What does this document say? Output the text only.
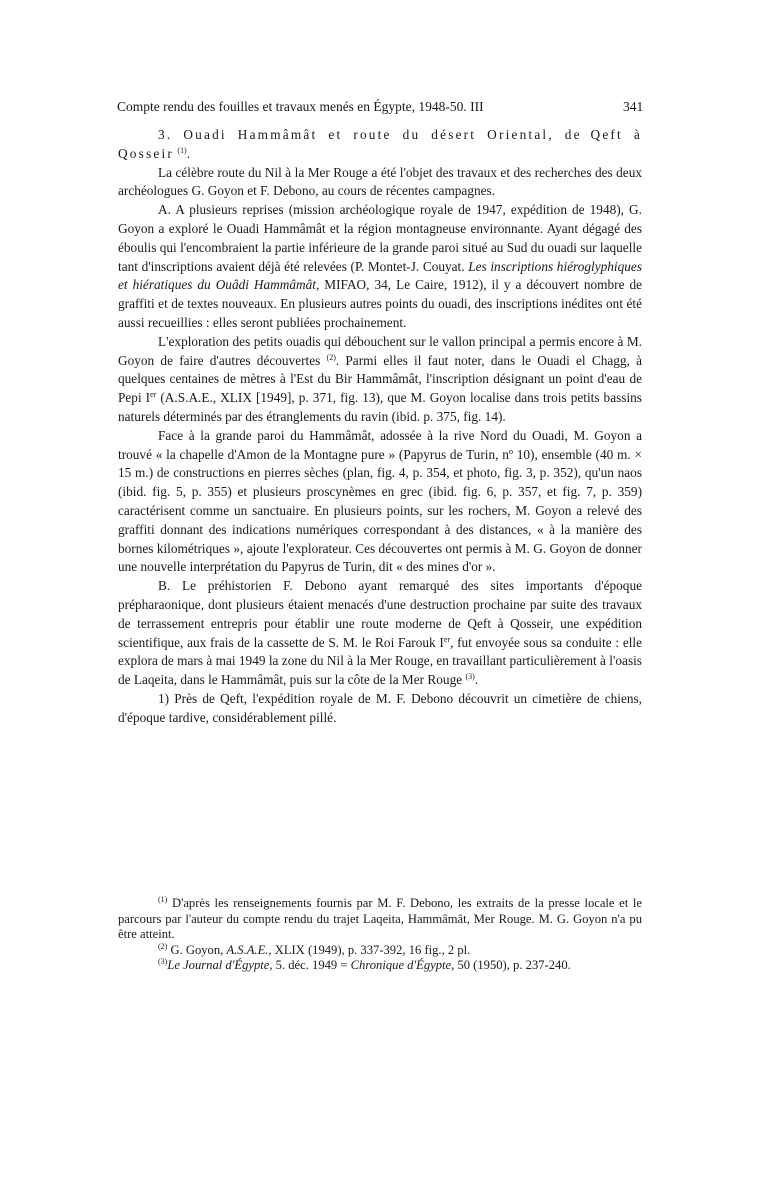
Compte rendu des fouilles et travaux menés en Égypte, 1948-50. III	341

3. Ouadi Hammâmât et route du désert Oriental, de Qeft à Qosseir $^{(1)}$.

La célèbre route du Nil à la Mer Rouge a été l'objet des travaux et des recherches des deux archéologues G. Goyon et F. Debono, au cours de récentes campagnes.

A. A plusieurs reprises (mission archéologique royale de 1947, expédition de 1948), G. Goyon a exploré le Ouadi Hammâmât et la région montagneuse environnante. Ayant dégagé des éboulis qui l'encombraient la partie inférieure de la grande paroi situé au Sud du ouadi sur laquelle tant d'inscriptions avaient déjà été relevées (P. Montet-J. Couyat. Les inscriptions hiéroglyphiques et hiératiques du Ouâdi Hammâmât, MIFAO, 34, Le Caire, 1912), il y a découvert nombre de graffiti et de textes nouveaux. En plusieurs autres points du ouadi, des inscriptions inédites ont été aussi recueillies : elles seront publiées prochainement.

L'exploration des petits ouadis qui débouchent sur le vallon principal a permis encore à M. Goyon de faire d'autres découvertes $^{(2)}$. Parmi elles il faut noter, dans le Ouadi el Chagg, à quelques centaines de mètres à l'Est du Bir Hammâmât, l'inscription désignant un point d'eau de Pepi Ier (A.S.A.E., XLIX [1949], p. 371, fig. 13), que M. Goyon localise dans trois petits bassins naturels déterminés par des étranglements du ravin (ibid. p. 375, fig. 14).

Face à la grande paroi du Hammâmât, adossée à la rive Nord du Ouadi, M. Goyon a trouvé « la chapelle d'Amon de la Montagne pure » (Papyrus de Turin, nº 10), ensemble (40 m. × 15 m.) de constructions en pierres sèches (plan, fig. 4, p. 354, et photo, fig. 3, p. 352), qu'un naos (ibid. fig. 5, p. 355) et plusieurs proscynèmes en grec (ibid. fig. 6, p. 357, et fig. 7, p. 359) caractérisent comme un sanctuaire. En plusieurs points, sur les rochers, M. Goyon a relevé des graffiti donnant des indications numériques correspondant à des distances, « à la manière des bornes kilométriques », ajoute l'explorateur. Ces découvertes ont permis à M. G. Goyon de donner une nouvelle interprétation du Papyrus de Turin, dit « des mines d'or ».

B. Le préhistorien F. Debono ayant remarqué des sites importants d'époque prépharaonique, dont plusieurs étaient menacés d'une destruction prochaine par suite des travaux de terrassement entrepris pour établir une route moderne de Qeft à Qosseir, une expédition scientifique, aux frais de la cassette de S. M. le Roi Farouk Ier, fut envoyée sous sa conduite : elle explora de mars à mai 1949 la zone du Nil à la Mer Rouge, en travaillant particulièrement à l'oasis de Laqeita, dans le Hammâmât, puis sur la côte de la Mer Rouge $^{(3)}$.

1) Près de Qeft, l'expédition royale de M. F. Debono découvrit un cimetière de chiens, d'époque tardive, considérablement pillé.

$^{(1)}$ D'après les renseignements fournis par M. F. Debono, les extraits de la presse locale et le parcours par l'auteur du compte rendu du trajet Laqeita, Hammâmât, Mer Rouge. M. G. Goyon n'a pu être atteint.

$^{(2)}$ G. Goyon, A.S.A.E., XLIX (1949), p. 337-392, 16 fig., 2 pl.

$^{(3)}$Le Journal d'Égypte, 5. déc. 1949 = Chronique d'Égypte, 50 (1950), p. 237-240.
